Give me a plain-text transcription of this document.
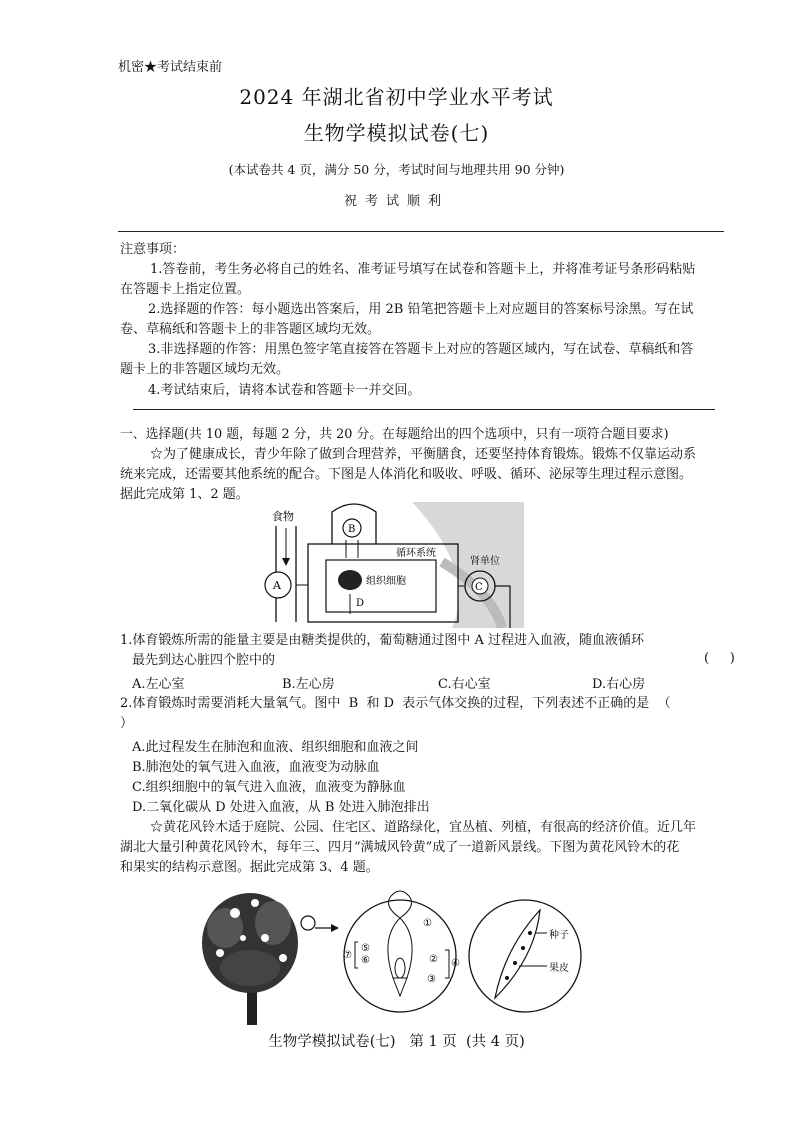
机密★考试结束前
2024 年湖北省初中学业水平考试
生物学模拟试卷(七)
(本试卷共 4 页，满分 50 分，考试时间与地理共用 90 分钟)
祝考试顺利
注意事项：
1.答卷前，考生务必将自己的姓名、准考证号填写在试卷和答题卡上，并将准考证号条形码粘贴
在答题卡上指定位置。
2.选择题的作答：每小题选出答案后，用 2B 铅笔把答题卡上对应题目的答案标号涂黑。写在试
卷、草稿纸和答题卡上的非答题区域均无效。
3.非选择题的作答：用黑色签字笔直接答在答题卡上对应的答题区域内，写在试卷、草稿纸和答
题卡上的非答题区域均无效。
4.考试结束后，请将本试卷和答题卡一并交回。
一、选择题(共 10 题，每题 2 分，共 20 分。在每题给出的四个选项中，只有一项符合题目要求)
☆为了健康成长，青少年除了做到合理营养，平衡膳食，还要坚持体育锻炼。锻炼不仅靠运动系
统来完成，还需要其他系统的配合。下图是人体消化和吸收、呼吸、循环、泌尿等生理过程示意图。
据此完成第 1、2 题。
食物
A
B
循环系统
组织细胞
D
肾单位
C
1.体育锻炼所需的能量主要是由糖类提供的，葡萄糖通过图中 A 过程进入血液，随血液循环
最先到达心脏四个腔中的	(     )
A.左心室	B.左心房	C.右心室	D.右心房
2.体育锻炼时需要消耗大量氧气。图中  B  和 D  表示气体交换的过程，下列表述不正确的是  （
）
A.此过程发生在肺泡和血液、组织细胞和血液之间
B.肺泡处的氧气进入血液，血液变为动脉血
C.组织细胞中的氧气进入血液，血液变为静脉血
D.二氧化碳从 D 处进入血液，从 B 处进入肺泡排出
☆黄花风铃木适于庭院、公园、住宅区、道路绿化，宜丛植、列植，有很高的经济价值。近几年
湖北大量引种黄花风铃木，每年三、四月“满城风铃黄”成了一道新风景线。下图为黄花风铃木的花
和果实的结构示意图。据此完成第 3、4 题。
①
②
③
④
⑤
⑥
⑦
种子
果皮
生物学模拟试卷(七)   第 1 页  (共 4 页)
